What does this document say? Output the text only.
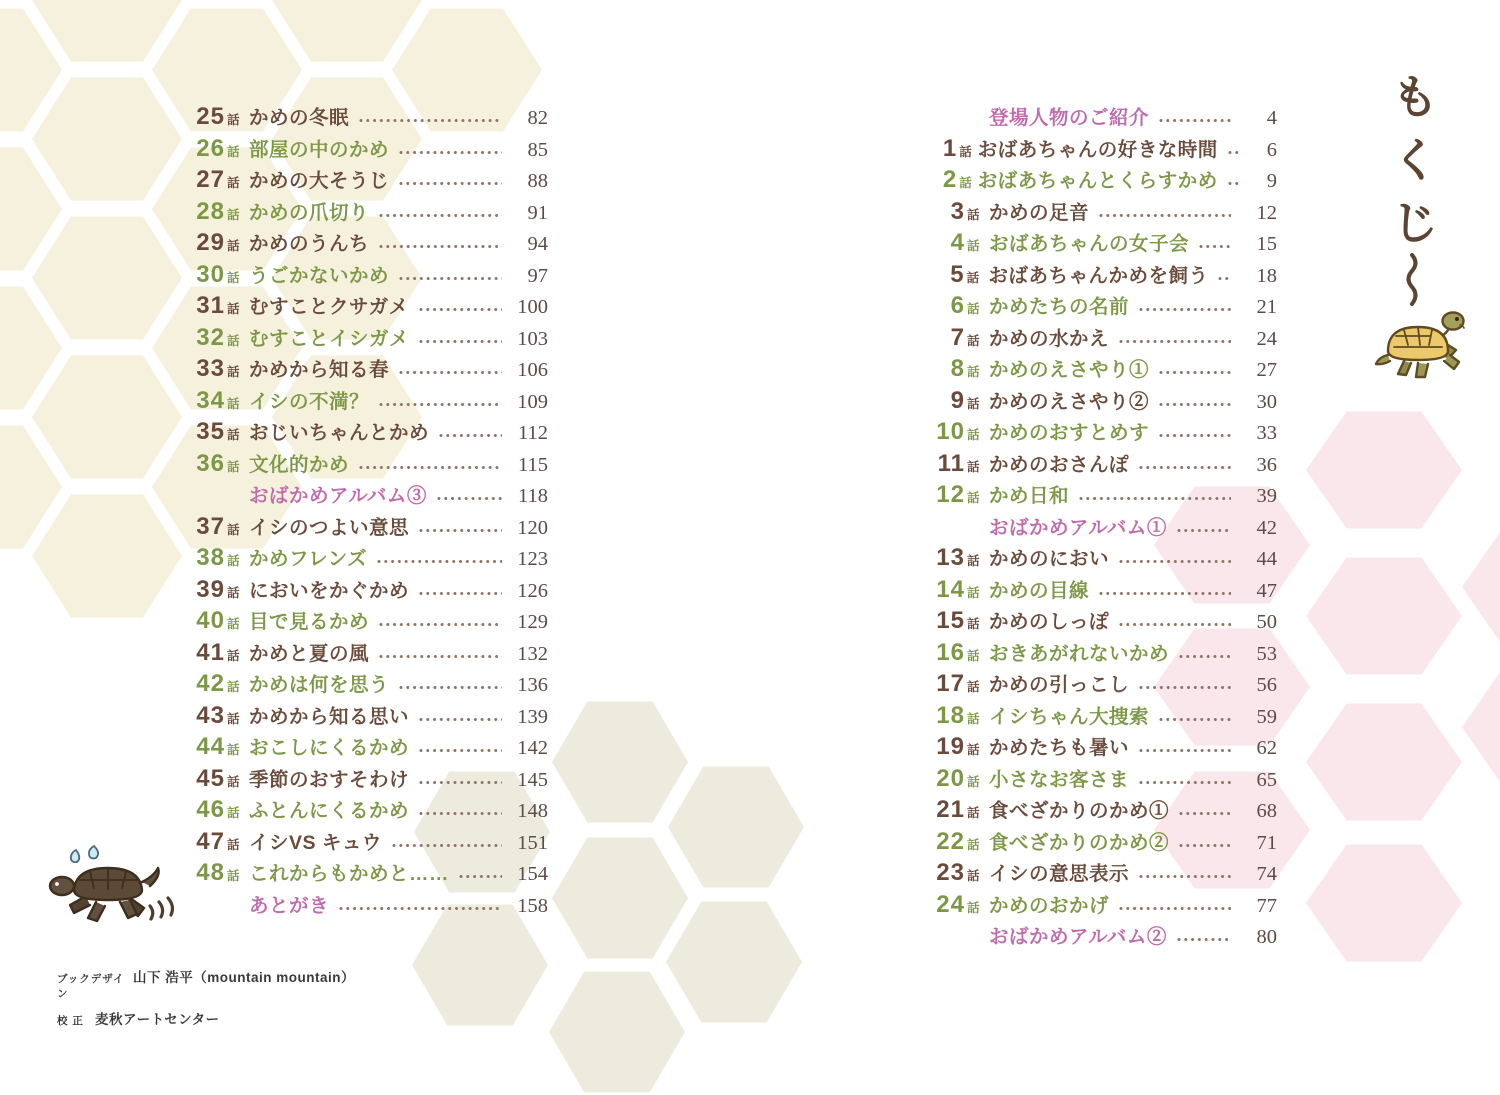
25 話 かめの冬眠	82
26 話 部屋の中のかめ	85
27 話 かめの大そうじ	88
28 話 かめの爪切り	91
29 話 かめのうんち	94
30 話 うごかないかめ	97
31 話 むすことクサガメ	100
32 話 むすことイシガメ	103
33 話 かめから知る春	106
34 話 イシの不満？	109
35 話 おじいちゃんとかめ	112
36 話 文化的かめ	115
おばかめアルバム③	118
37 話 イシのつよい意思	120
38 話 かめフレンズ	123
39 話 においをかぐかめ	126
40 話 目で見るかめ	129
41 話 かめと夏の風	132
42 話 かめは何を思う	136
43 話 かめから知る思い	139
44 話 おこしにくるかめ	142
45 話 季節のおすそわけ	145
46 話 ふとんにくるかめ	148
47 話 イシVS キュウ	151
48 話 これからもかめと……	154
あとがき	158
登場人物のご紹介	4
1 話 おばあちゃんの好きな時間	6
2 話 おばあちゃんとくらすかめ	9
3 話 かめの足音	12
4 話 おばあちゃんの女子会	15
5 話 おばあちゃんかめを飼う	18
6 話 かめたちの名前	21
7 話 かめの水かえ	24
8 話 かめのえさやり①	27
9 話 かめのえさやり②	30
10 話 かめのおすとめす	33
11 話 かめのおさんぽ	36
12 話 かめ日和	39
おばかめアルバム①	42
13 話 かめのにおい	44
14 話 かめの目線	47
15 話 かめのしっぽ	50
16 話 おきあがれないかめ	53
17 話 かめの引っこし	56
18 話 イシちゃん大捜索	59
19 話 かめたちも暑い	62
20 話 小さなお客さま	65
21 話 食べざかりのかめ①	68
22 話 食べざかりのかめ②	71
23 話 イシの意思表示	74
24 話 かめのおかげ	77
おばかめアルバム②	80
も
く
じ
ブックデザイン
山下 浩平（mountain mountain）
校 正 麦秋アートセンター
